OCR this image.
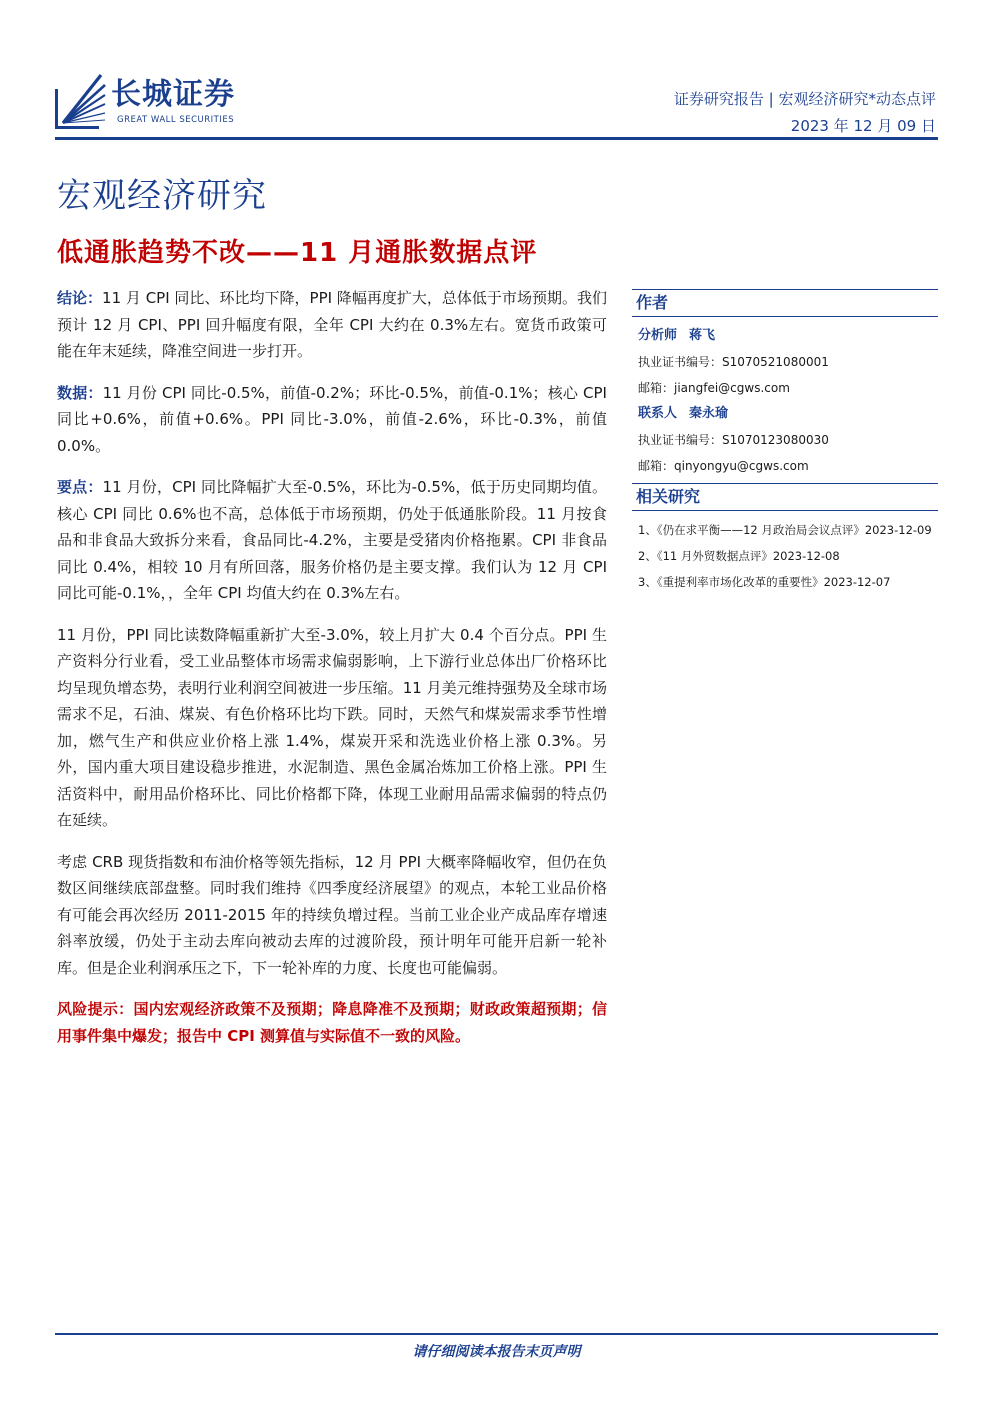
长城证券
GREAT WALL SECURITIES
证券研究报告 | 宏观经济研究*动态点评
2023 年 12 月 09 日
宏观经济研究
低通胀趋势不改——11 月通胀数据点评

结论：11 月 CPI 同比、环比均下降，PPI 降幅再度扩大，总体低于市场预期。我们预计 12 月 CPI、PPI 回升幅度有限，全年 CPI 大约在 0.3%左右。宽货币政策可能在年末延续，降准空间进一步打开。

数据：11 月份 CPI 同比-0.5%，前值-0.2%；环比-0.5%，前值-0.1%；核心 CPI 同比+0.6%，前值+0.6%。PPI 同比-3.0%，前值-2.6%，环比-0.3%，前值 0.0%。

要点：11 月份，CPI 同比降幅扩大至-0.5%，环比为-0.5%，低于历史同期均值。核心 CPI 同比 0.6%也不高，总体低于市场预期，仍处于低通胀阶段。11 月按食品和非食品大致拆分来看，食品同比-4.2%，主要是受猪肉价格拖累。CPI 非食品同比 0.4%，相较 10 月有所回落，服务价格仍是主要支撑。我们认为 12 月 CPI 同比可能-0.1%，，全年 CPI 均值大约在 0.3%左右。

11 月份，PPI 同比读数降幅重新扩大至-3.0%，较上月扩大 0.4 个百分点。PPI 生产资料分行业看，受工业品整体市场需求偏弱影响，上下游行业总体出厂价格环比均呈现负增态势，表明行业利润空间被进一步压缩。11 月美元维持强势及全球市场需求不足，石油、煤炭、有色价格环比均下跌。同时，天然气和煤炭需求季节性增加，燃气生产和供应业价格上涨 1.4%，煤炭开采和洗选业价格上涨 0.3%。另外，国内重大项目建设稳步推进，水泥制造、黑色金属冶炼加工价格上涨。PPI 生活资料中，耐用品价格环比、同比价格都下降，体现工业耐用品需求偏弱的特点仍在延续。

考虑 CRB 现货指数和布油价格等领先指标，12 月 PPI 大概率降幅收窄，但仍在负数区间继续底部盘整。同时我们维持《四季度经济展望》的观点，本轮工业品价格有可能会再次经历 2011-2015 年的持续负增过程。当前工业企业产成品库存增速斜率放缓，仍处于主动去库向被动去库的过渡阶段，预计明年可能开启新一轮补库。但是企业利润承压之下，下一轮补库的力度、长度也可能偏弱。

风险提示：国内宏观经济政策不及预期；降息降准不及预期；财政政策超预期；信用事件集中爆发；报告中 CPI 测算值与实际值不一致的风险。

作者
分析师 蒋飞
执业证书编号：S1070521080001
邮箱：jiangfei@cgws.com
联系人 秦永瑜
执业证书编号：S1070123080030
邮箱：qinyongyu@cgws.com
相关研究
1、《仍在求平衡——12 月政治局会议点评》2023-12-09
2、《11 月外贸数据点评》2023-12-08
3、《重提利率市场化改革的重要性》2023-12-07
请仔细阅读本报告末页声明
